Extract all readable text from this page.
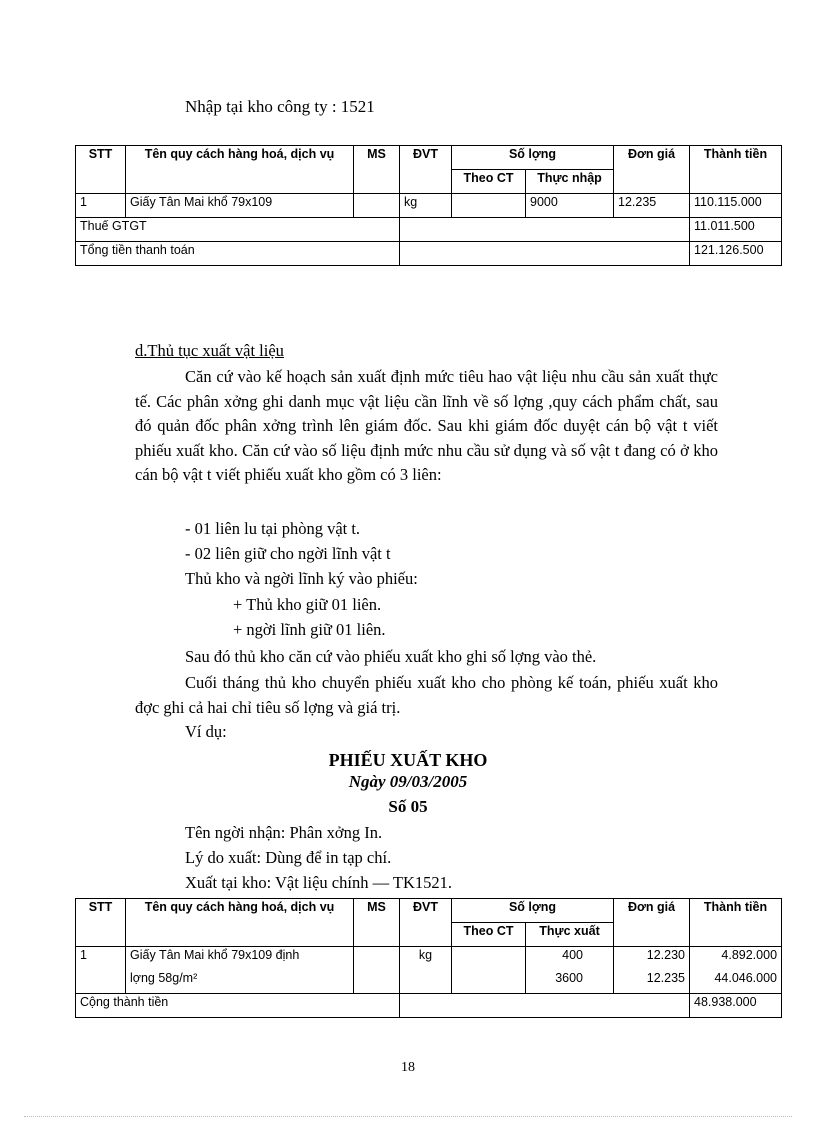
Nhập tại kho công ty : 1521
STT	Tên quy cách hàng hoá, dịch vụ	MS	ĐVT	Số lợng		Đơn giá	Thành tiền
				Theo CT	Thực nhập		
1	Giấy Tân Mai khổ 79x109		kg		9000	12.235	110.115.000
Thuế GTGT							11.011.500
Tổng tiền thanh toán							121.126.500
d.Thủ tục xuất vật liệu
Căn cứ vào kế hoạch sản xuất định mức tiêu hao vật liệu nhu cầu sản xuất thực tế. Các phân xởng ghi danh mục vật liệu cần lĩnh về số lợng ,quy cách phẩm chất, sau đó quản đốc phân xởng trình lên giám đốc. Sau khi giám đốc duyệt cán bộ vật t viết phiếu xuất kho. Căn cứ vào số liệu định mức nhu cầu sử dụng và số vật t đang có ở kho cán bộ vật t viết phiếu xuất kho gồm có 3 liên:
- 01 liên lu tại phòng vật t.
- 02 liên giữ cho ngời lĩnh vật t
Thủ kho và ngời lĩnh ký vào phiếu:
+ Thủ kho giữ 01 liên.
+ ngời lĩnh giữ 01 liên.
Sau đó thủ kho căn cứ vào phiếu xuất kho ghi số lợng vào thẻ.
Cuối tháng thủ kho chuyển phiếu xuất kho cho phòng kế toán, phiếu xuất kho đợc ghi cả hai chỉ tiêu số lợng và giá trị.
Ví dụ:
PHIẾU XUẤT KHO
Ngày 09/03/2005
Số 05
Tên ngời nhận: Phân xởng In.
Lý do xuất: Dùng để in tạp chí.
Xuất tại kho: Vật liệu chính — TK1521.
STT	Tên quy cách hàng hoá, dịch vụ	MS	ĐVT	Số lợng		Đơn giá	Thành tiền
				Theo CT	Thực xuất		
1	Giấy Tân Mai khổ 79x109 định		kg		400	12.230	4.892.000
	lợng 58g/m²				3600	12.235	44.046.000
Cộng thành tiền							48.938.000
18
